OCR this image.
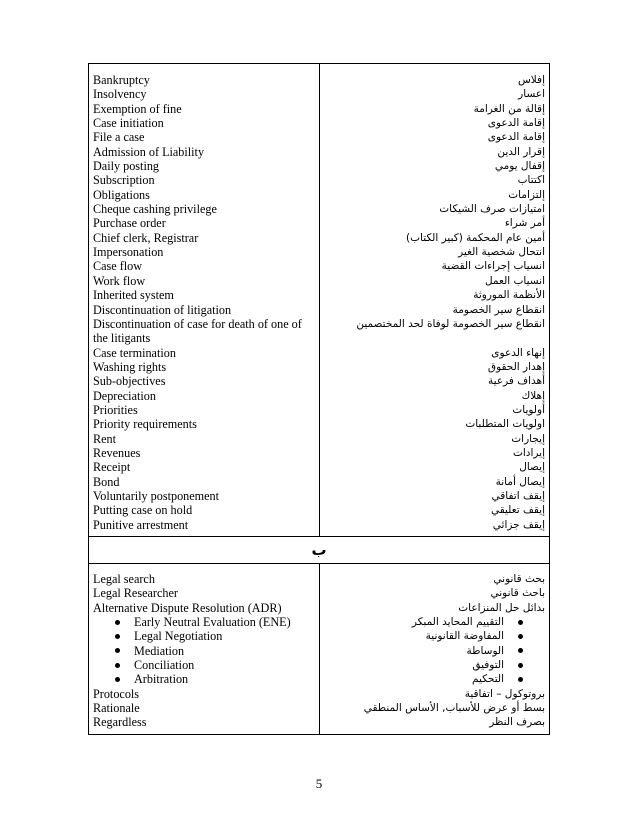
Bankruptcy
Insolvency
Exemption of fine
Case initiation
File a case
Admission of Liability
Daily posting
Subscription
Obligations
Cheque cashing privilege
Purchase order
Chief clerk, Registrar
Impersonation
Case flow
Work flow
Inherited system
Discontinuation of litigation
Discontinuation of case for death of one of the litigants
Case termination
Washing rights
Sub-objectives
Depreciation
Priorities
Priority requirements
Rent
Revenues
Receipt
Bond
Voluntarily postponement
Putting case on hold
Punitive arrestment
إفلاس
اعسار
إقالة من الغرامة
إقامة الدعوى
إقامة الدعوى
إقرار الدين
إقفال يومي
اكتتاب
إلتزامات
امتيازات صرف الشيكات
أمر شراء
أمين عام المحكمة (كبير الكتاب)
انتحال شخصية الغير
انسياب إجراءات القضية
انسياب العمل
الأنظمة الموروثة
انقطاع سير الخصومة
انقطاع سير الخصومة لوفاة لحد المختصمين
إنهاء الدعوى
إهدار الحقوق
أهداف فرعية
إهلاك
أولويات
اولويات المتطلبات
إيجارات
إيرادات
إيصال
إيصال أمانة
إيقف اتفاقي
إيقف تعليقي
إيقف جزائي
ب
Legal search
Legal Researcher
Alternative Dispute Resolution (ADR)
Early Neutral Evaluation (ENE)
Legal Negotiation
Mediation
Conciliation
Arbitration
Protocols
Rationale
Regardless
بحث قانوني
باحث قانوني
بدائل حل المنزاعات
التقييم المحايد المبكر
المفاوضة القانونية
الوساطة
التوفيق
التحكيم
بروتوكول – اتفاقية
بسط أو عرض للأسباب, الأساس المنطقي
بصرف النظر
5
